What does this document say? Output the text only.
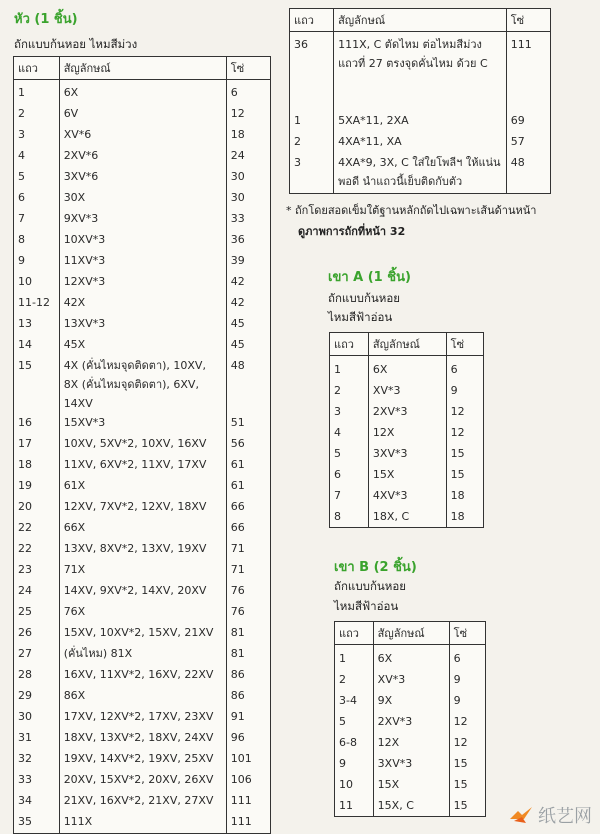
หัว (1 ชิ้น)
ถักแบบก้นหอย ไหมสีม่วง
แถว	สัญลักษณ์	โซ่
1	6X	6
2	6V	12
3	XV*6	18
4	2XV*6	24
5	3XV*6	30
6	30X	30
7	9XV*3	33
8	10XV*3	36
9	11XV*3	39
10	12XV*3	42
11-12	42X	42
13	13XV*3	45
14	45X	45
15	4X (คั่นไหมจุดติดตา), 10XV, 8X (คั่นไหมจุดติดตา), 6XV, 14XV	48
16	15XV*3	51
17	10XV, 5XV*2, 10XV, 16XV	56
18	11XV, 6XV*2, 11XV, 17XV	61
19	61X	61
20	12XV, 7XV*2, 12XV, 18XV	66
22	66X	66
22	13XV, 8XV*2, 13XV, 19XV	71
23	71X	71
24	14XV, 9XV*2, 14XV, 20XV	76
25	76X	76
26	15XV, 10XV*2, 15XV, 21XV	81
27	(คั่นไหม) 81X	81
28	16XV, 11XV*2, 16XV, 22XV	86
29	86X	86
30	17XV, 12XV*2, 17XV, 23XV	91
31	18XV, 13XV*2, 18XV, 24XV	96
32	19XV, 14XV*2, 19XV, 25XV	101
33	20XV, 15XV*2, 20XV, 26XV	106
34	21XV, 16XV*2, 21XV, 27XV	111
35	111X	111
แถว	สัญลักษณ์	โซ่
36	111X, C ตัดไหม ต่อไหมสีม่วงแถวที่ 27 ตรงจุดคั่นไหม ด้วย C	111
1	5XA*11, 2XA	69
2	4XA*11, XA	57
3	4XA*9, 3X, C ใส่ใยโพลีฯ ให้แน่นพอดี นำแถวนี้เย็บติดกับตัว	48
* ถักโดยสอดเข็มใต้ฐานหลักถัดไปเฉพาะเส้นด้านหน้า
ดูภาพการถักที่หน้า 32
เขา A (1 ชิ้น)
ถักแบบก้นหอย
ไหมสีฟ้าอ่อน
แถว	สัญลักษณ์	โซ่
1	6X	6
2	XV*3	9
3	2XV*3	12
4	12X	12
5	3XV*3	15
6	15X	15
7	4XV*3	18
8	18X, C	18
เขา B (2 ชิ้น)
ถักแบบก้นหอย
ไหมสีฟ้าอ่อน
แถว	สัญลักษณ์	โซ่
1	6X	6
2	XV*3	9
3-4	9X	9
5	2XV*3	12
6-8	12X	12
9	3XV*3	15
10	15X	15
11	15X, C	15
纸艺网
